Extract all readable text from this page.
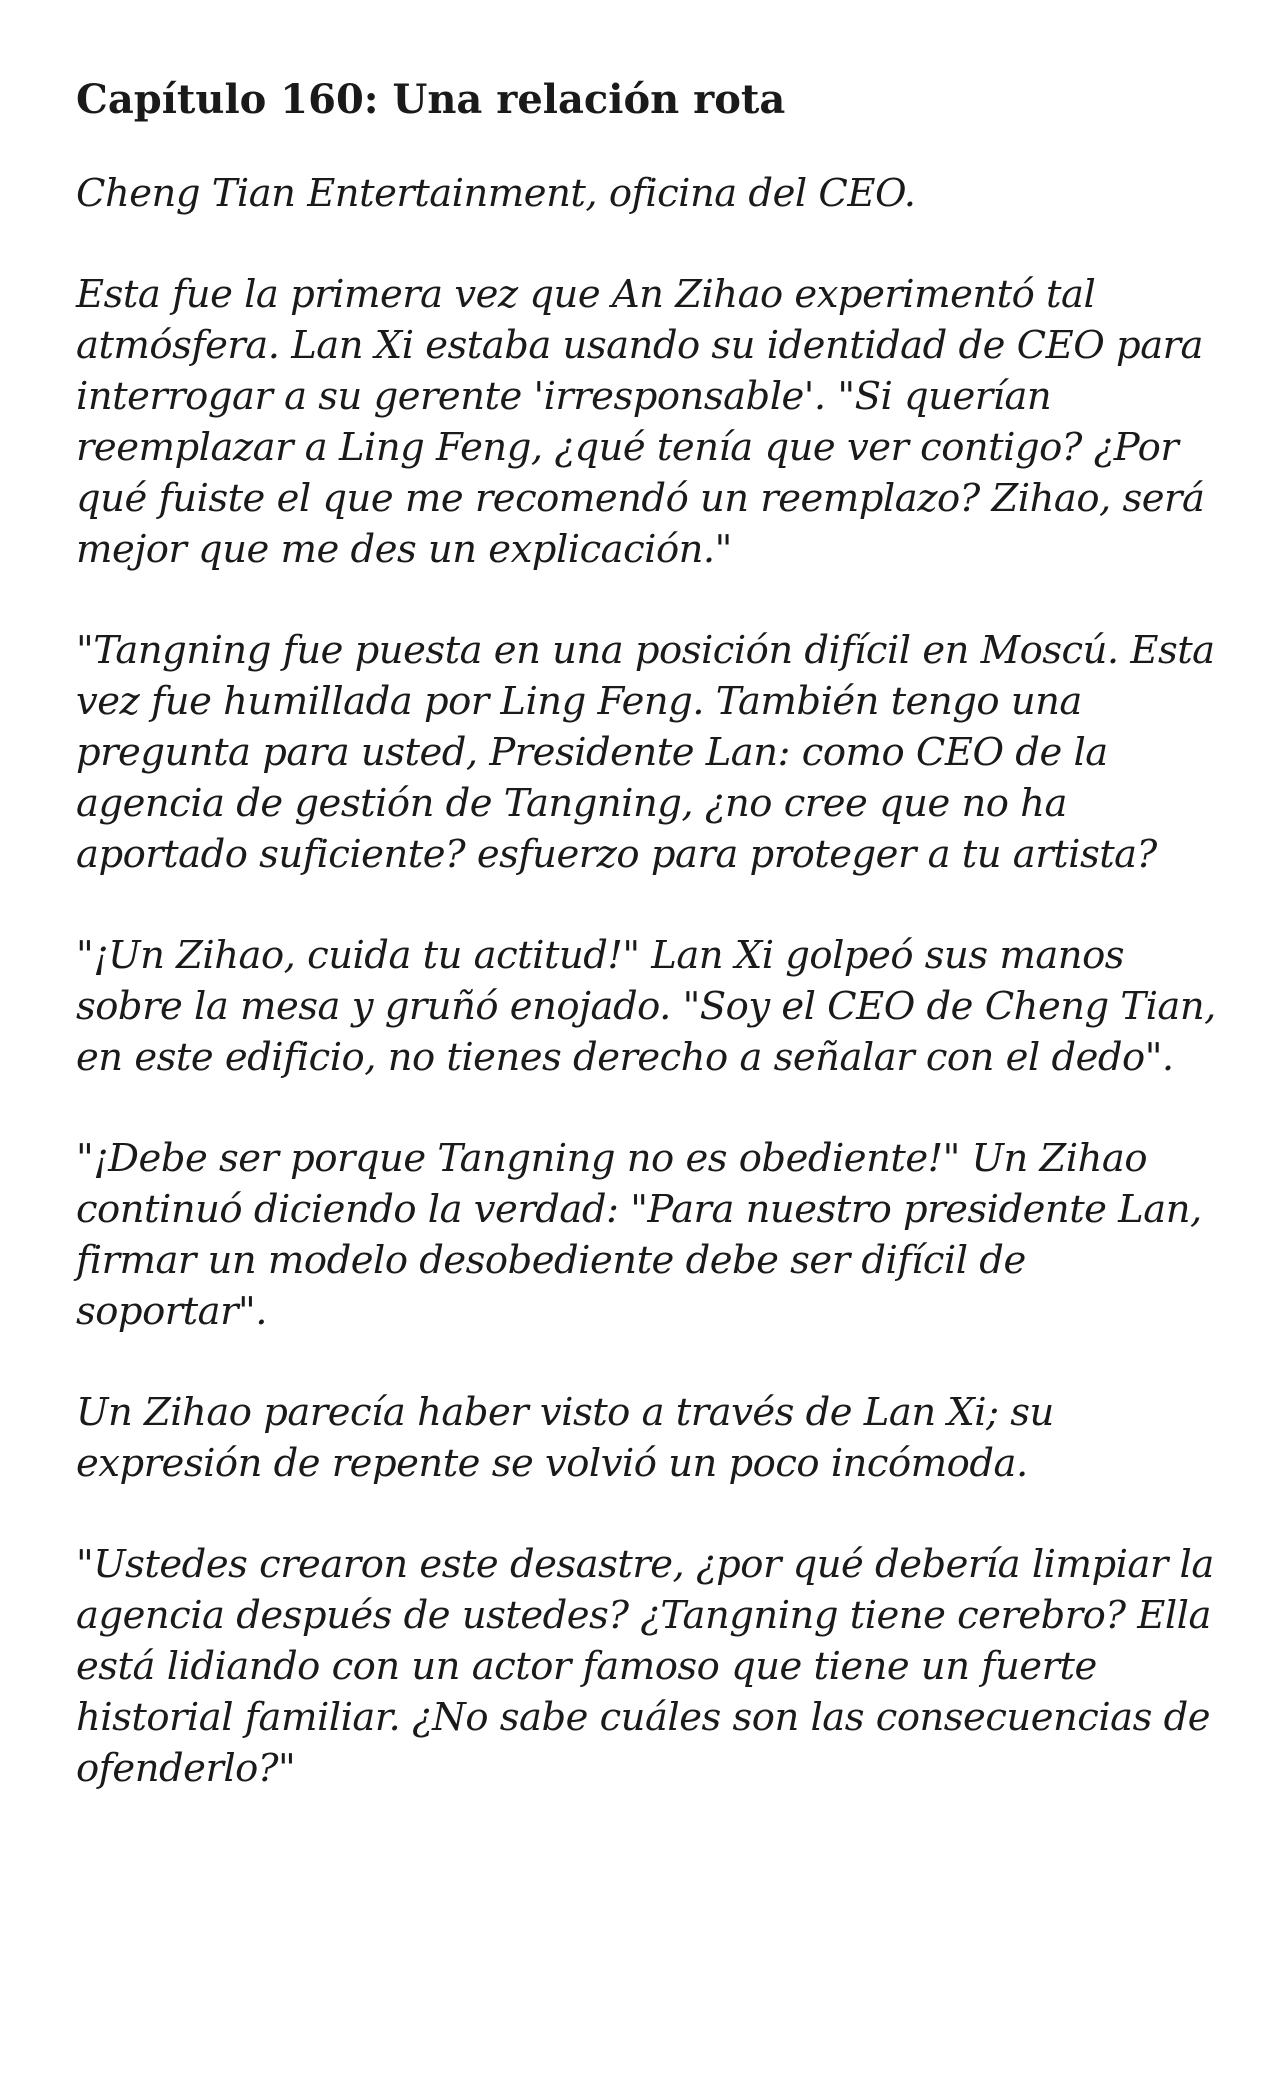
Capítulo 160: Una relación rota

Cheng Tian Entertainment, oficina del CEO.

Esta fue la primera vez que An Zihao experimentó tal atmósfera. Lan Xi estaba usando su identidad de CEO para interrogar a su gerente 'irresponsable'. "Si querían reemplazar a Ling Feng, ¿qué tenía que ver contigo? ¿Por qué fuiste el que me recomendó un reemplazo? Zihao, será mejor que me des un explicación."

"Tangning fue puesta en una posición difícil en Moscú. Esta vez fue humillada por Ling Feng. También tengo una pregunta para usted, Presidente Lan: como CEO de la agencia de gestión de Tangning, ¿no cree que no ha aportado suficiente? esfuerzo para proteger a tu artista?

"¡Un Zihao, cuida tu actitud!" Lan Xi golpeó sus manos sobre la mesa y gruñó enojado. "Soy el CEO de Cheng Tian, en este edificio, no tienes derecho a señalar con el dedo".

"¡Debe ser porque Tangning no es obediente!" Un Zihao continuó diciendo la verdad: "Para nuestro presidente Lan, firmar un modelo desobediente debe ser difícil de soportar".

Un Zihao parecía haber visto a través de Lan Xi; su expresión de repente se volvió un poco incómoda.

"Ustedes crearon este desastre, ¿por qué debería limpiar la agencia después de ustedes? ¿Tangning tiene cerebro? Ella está lidiando con un actor famoso que tiene un fuerte historial familiar. ¿No sabe cuáles son las consecuencias de ofenderlo?"
